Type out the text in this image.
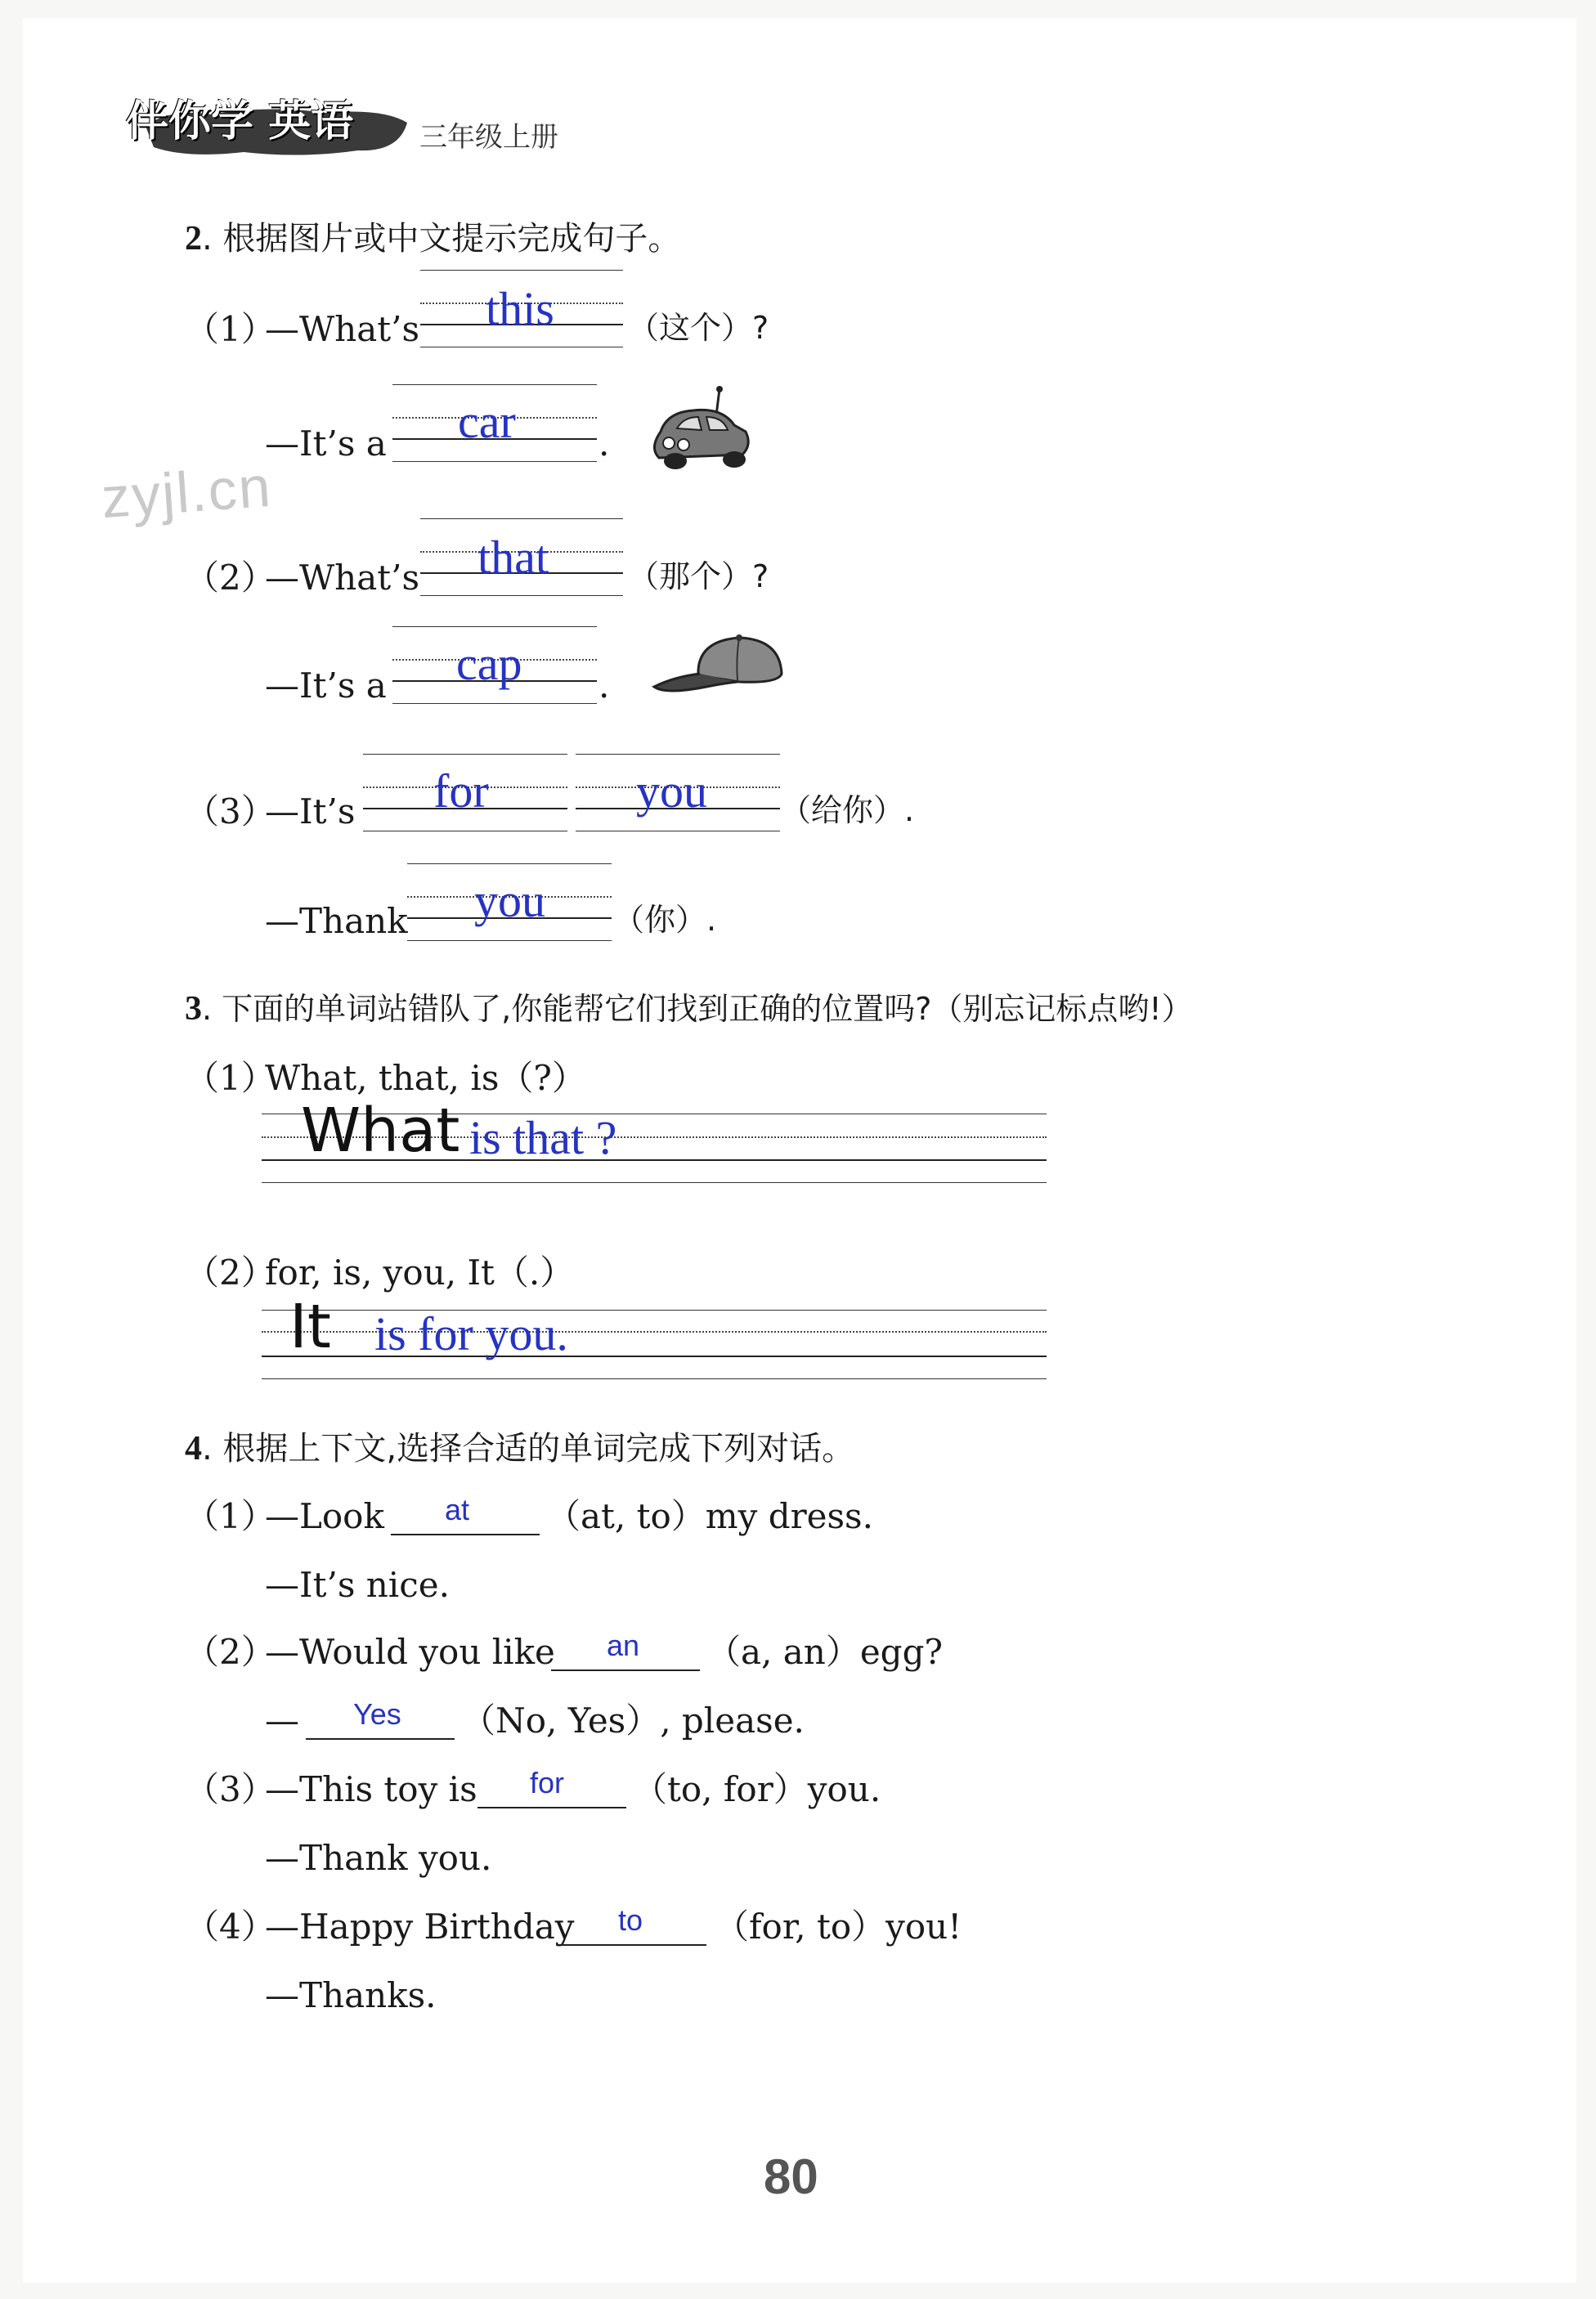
伴你学 英语 三年级上册
zyjl.cn
2. 根据图片或中文提示完成句子。
（1）
—What’s this （这个）?
—It’s a car .
（2）
—What’s that	（那个）?
—It’s a cap .
（3）
—It’s for	you （给你）.
—Thank you （你）.
3. 下面的单词站错队了,你能帮它们找到正确的位置吗?（别忘记标点哟!）
（1）
What, that, is（?）
What is that ?
（2）
for, is, you, It（.）
It is for you.
4. 根据上下文,选择合适的单词完成下列对话。
（1）
—Look at （at, to）my dress.
—It’s nice.
（2）
—Would you like an （a, an）egg?
— Yes （No, Yes）, please.
（3）
—This toy is for （to, for）you.
—Thank you.
（4）
—Happy Birthday to （for, to）you!
—Thanks.
80
